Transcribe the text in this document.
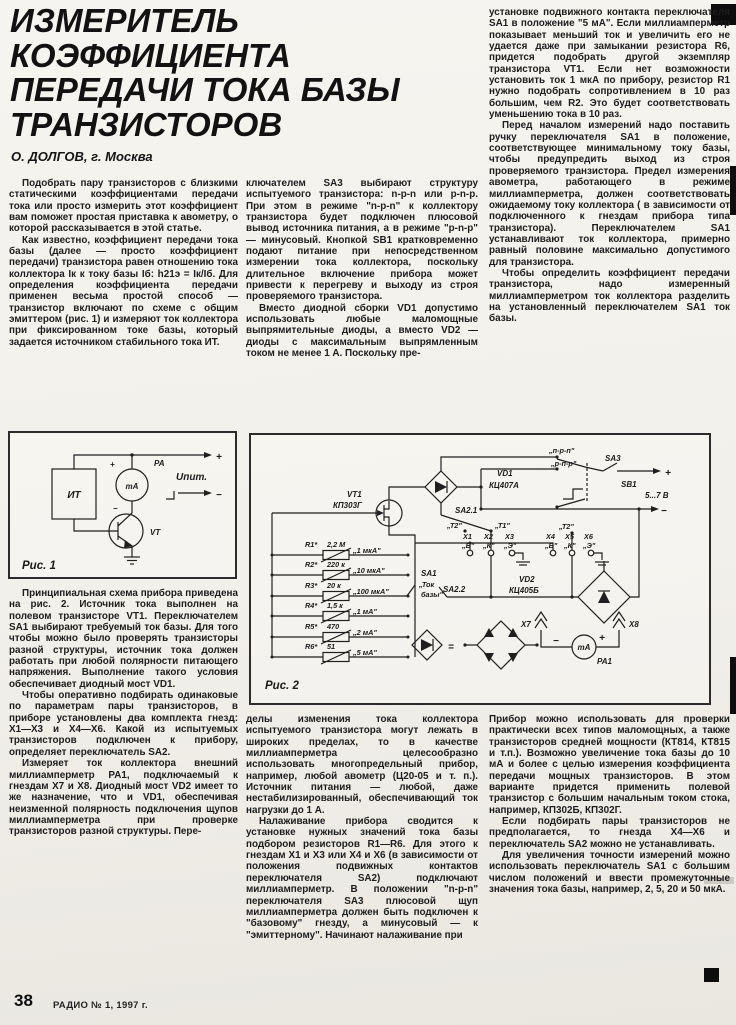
ИЗМЕРИТЕЛЬ
КОЭФФИЦИЕНТА
ПЕРЕДАЧИ ТОКА БАЗЫ
ТРАНЗИСТОРОВ
О. ДОЛГОВ, г. Москва

Подобрать пару транзисторов с близкими статическими коэффициентами передачи тока или просто измерить этот коэффициент вам поможет простая приставка к авометру, о которой рассказывается в этой статье.

Как известно, коэффициент передачи тока базы (далее — просто коэффициент передачи) транзистора равен отношению тока коллектора Iк к току базы Iб: h21э = Iк/Iб. Для определения коэффициента передачи применен весьма простой способ — транзистор включают по схеме с общим эмиттером (рис. 1) и измеряют ток коллектора при фиксированном токе базы, который задается источником стабильного тока ИТ.

Принципиальная схема прибора приведена на рис. 2. Источник тока выполнен на полевом транзисторе VT1. Переключателем SA1 выбирают требуемый ток базы. Для того чтобы можно было проверять транзисторы разной структуры, источник тока должен работать при любой полярности питающего напряжения. Выполнение такого условия обеспечивает диодный мост VD1.

Чтобы оперативно подбирать одинаковые по параметрам пары транзисторов, в приборе установлены два комплекта гнезд: X1—X3 и X4—X6. Какой из испытуемых транзисторов подключен к прибору, определяет переключатель SA2.

Измеряет ток коллектора внешний миллиамперметр PA1, подключаемый к гнездам X7 и X8. Диодный мост VD2 имеет то же назначение, что и VD1, обеспечивая неизменной полярность подключения щупов миллиамперметра при проверке транзисторов разной структуры. Пере-

ключателем SA3 выбирают структуру испытуемого транзистора: n-p-n или p-n-p. При этом в режиме "n-p-n" к коллектору транзистора будет подключен плюсовой вывод источника питания, а в режиме "p-n-p" — минусовый. Кнопкой SB1 кратковременно подают питание при непосредственном измерении тока коллектора, поскольку длительное включение прибора может привести к перегреву и выходу из строя проверяемого транзистора.

Вместо диодной сборки VD1 допустимо использовать любые маломощные выпрямительные диоды, а вместо VD2 — диоды с максимальным выпрямленным током не менее 1 А. Поскольку пре-

делы изменения тока коллектора испытуемого транзистора могут лежать в широких пределах, то в качестве миллиамперметра целесообразно использовать многопредельный прибор, например, любой авометр (Ц20-05 и т. п.). Источник питания — любой, даже нестабилизированный, обеспечивающий ток нагрузки до 1 А.

Налаживание прибора сводится к установке нужных значений тока базы подбором резисторов R1—R6. Для этого к гнездам X1 и X3 или X4 и X6 (в зависимости от положения подвижных контактов переключателя SA2) подключают миллиамперметр. В положении "n-p-n" переключателя SA3 плюсовой щуп миллиамперметра должен быть подключен к "базовому" гнезду, а минусовый — к "эмиттерному". Начинают налаживание при

установке подвижного контакта переключателя SA1 в положение "5 мА". Если миллиамперметр показывает меньший ток и увеличить его не удается даже при замыкании резистора R6, придется подобрать другой экземпляр транзистора VT1. Если нет возможности установить ток 1 мкА по прибору, резистор R1 нужно подобрать сопротивлением в 10 раз большим, чем R2. Это будет соответствовать уменьшению тока в 10 раз.

Перед началом измерений надо поставить ручку переключателя SA1 в положение, соответствующее минимальному току базы, чтобы предупредить выход из строя проверяемого транзистора. Предел измерения авометра, работающего в режиме миллиамперметра, должен соответствовать ожидаемому току коллектора ( в зависимости от подключенного к гнездам прибора типа транзистора). Переключателем SA1 устанавливают ток коллектора, примерно равный половине максимально допустимого для транзистора.

Чтобы определить коэффициент передачи транзистора, надо измеренный миллиамперметром ток коллектора разделить на установленный переключателем SA1 ток базы.

Прибор можно использовать для проверки практически всех типов маломощных, а также транзисторов средней мощности (КТ814, КТ815 и т.п.). Возможно увеличение тока базы до 10 мА и более с целью измерения коэффициента передачи мощных транзисторов. В этом варианте придется применить полевой транзистор с большим начальным током стока, например, КП302Б, КП302Г.

Если подбирать пары транзисторов не предполагается, то гнезда X4—X6 и переключатель SA2 можно не устанавливать.

Для увеличения точности измерений можно использовать переключатель SA1 с большим числом положений и ввести промежуточные значения тока базы, например, 2, 5, 20 и 50 мкА.

ИТ
+	PA
mA
−
VT
Uпит.
+
−
Рис. 1
VT1
КП303Г
VD1
КЦ407А
SA2.1
„п-р-п"
„р-п-р"
SA3
SB1
5...7 В
+
−
„Т2"	„Т1"	„Т2"
X1 X2 X3	X4 X5 X6
„Б" „К" „Э"	„Б" „К" „Э"
SA1
„Ток
базы"
SA2.2
VD2
КЦ405Б
X7	X8
PA1
mA
−	+
=
R1* 2,2 М
„1 мкА"
R2* 220 к
„10 мкА"
R3* 20 к
„100 мкА"
R4* 1,5 к
„1 мА"
R5* 470
„2 мА"
R6* 51
„5 мА"
Рис. 2
38 РАДИО № 1, 1997 г.
